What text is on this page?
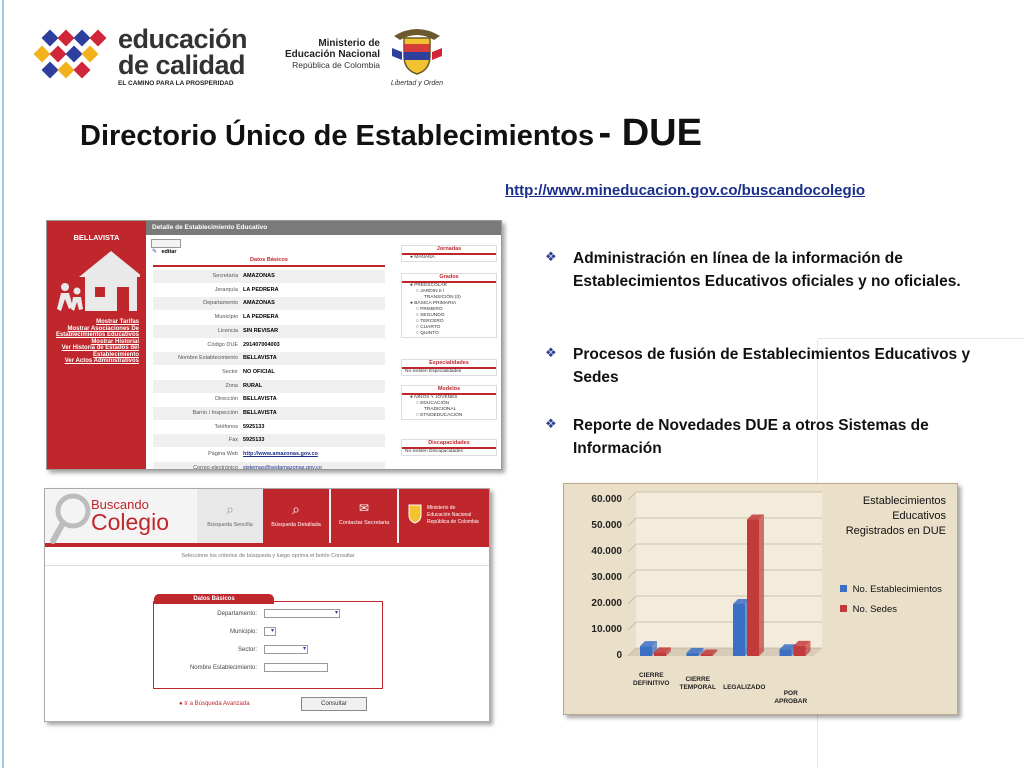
educación
de calidad
EL CAMINO PARA LA PROSPERIDAD
Ministerio de
Educación Nacional
República de Colombia
Libertad y Orden
Directorio Único de Establecimientos - DUE
http://www.mineducacion.gov.co/buscandocolegio
BELLAVISTA
Mostrar Tarifas
Mostrar Asociaciones De
Establecimientos Educativos
Mostrar Historial
Ver Historia de Estados del
Establecimiento
Ver Actos Administrativos
Detalle de Establecimiento Educativo
✎ editar
Datos Básicos
Secretaría AMAZONAS
Jerarquía LA PEDRERA
Departamento AMAZONAS
Municipio LA PEDRERA
Licencia SIN REVISAR
Código DUE 291407004003
Nombre Establecimiento BELLAVISTA
Sector NO OFICIAL
Zona RURAL
Dirección BELLAVISTA
Barrio / Inspección BELLAVISTA
Teléfonos 5925133
Fax 5925133
Página Web http://www.amazonas.gov.co
Correo electrónico sistemas@sedamazonas.gov.co
Jornadas
● MAÑANA
Grados
● PREESCOLAR
○ JARDIN II /
TRANSICIÓN (0)
● BÁSICA PRIMARIA
○ PRIMERO
○ SEGUNDO
○ TERCERO
○ CUARTO
○ QUINTO
Especialidades
No existen Especialidades
Modelos
● NIÑOS Y JOVENES
○ EDUCACIÓN
TRADICIONAL
○ ETNOEDUCACIÓN
Discapacidades
No existen Discapacidades
Buscando
Colegio	⌕
Búsqueda Sencilla
⌕
Búsqueda Detallada
✉
Contactar Secretaria
Ministerio de
Educación Nacional
República de Colombia
Seleccione los criterios de búsqueda y luego oprima el botón Consultar
Datos Básicos
Departamento:	▾
Municipio: ▾
Sector:	▾
Nombre Establecimiento:
● Ir a Búsqueda Avanzada	Consultar
❖ Administración en línea de la información de Establecimientos Educativos oficiales y no oficiales.
❖ Procesos de fusión de Establecimientos Educativos y Sedes
❖ Reporte de Novedades DUE a otros Sistemas de Información
0
10.000
20.000
30.000
40.000
50.000
60.000
CIERRE
DEFINITIVO
CIERRE
TEMPORAL	LEGALIZADO
POR
APROBAR
Establecimientos
Educativos
Registrados en DUE
No. Establecimientos
No. Sedes
